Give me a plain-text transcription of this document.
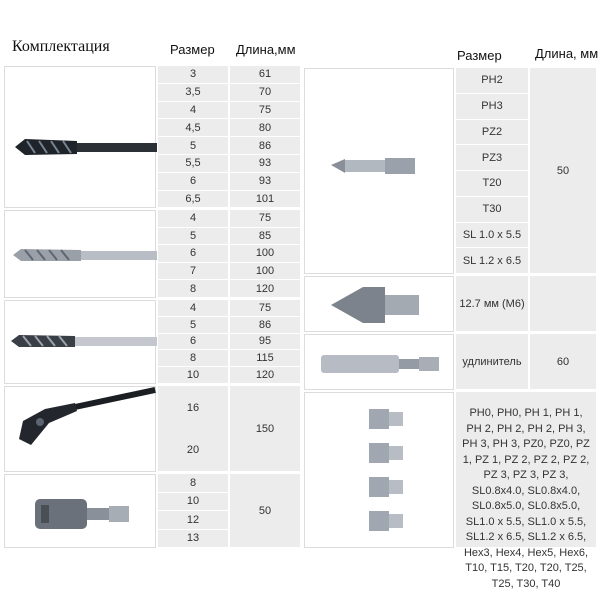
Комплектация	Размер Длина,мм	Размер	Длина, мм
3	61
3,5	70
4	75
4,5	80
5	86
5,5	93
6	93
6,5	101
4	75
5	85
6	100
7	100
8	120
4	75
5	86
6	95
8	115
10	120
16
20
150
8
10
12
13
50
PH2
PH3
PZ2
PZ3
T20
T30
SL 1.0 x 5.5
SL 1.2 x 6.5
50
12.7 мм (M6)
удлинитель	60
PH0, PH0, PH 1, PH 1, PH 2, PH 2, PH 2, PH 3, PH 3, PH 3, PZ0, PZ0, PZ 1, PZ 1, PZ 2, PZ 2, PZ 2, PZ 3, PZ 3, PZ 3, SL0.8x4.0, SL0.8x4.0, SL0.8x5.0, SL0.8x5.0, SL1.0 x 5.5, SL1.0 x 5.5, SL1.2 x 6.5, SL1.2 x 6.5, Hex3, Hex4, Hex5, Hex6, T10, T15, T20, T20, T25, T25, T30, T40
